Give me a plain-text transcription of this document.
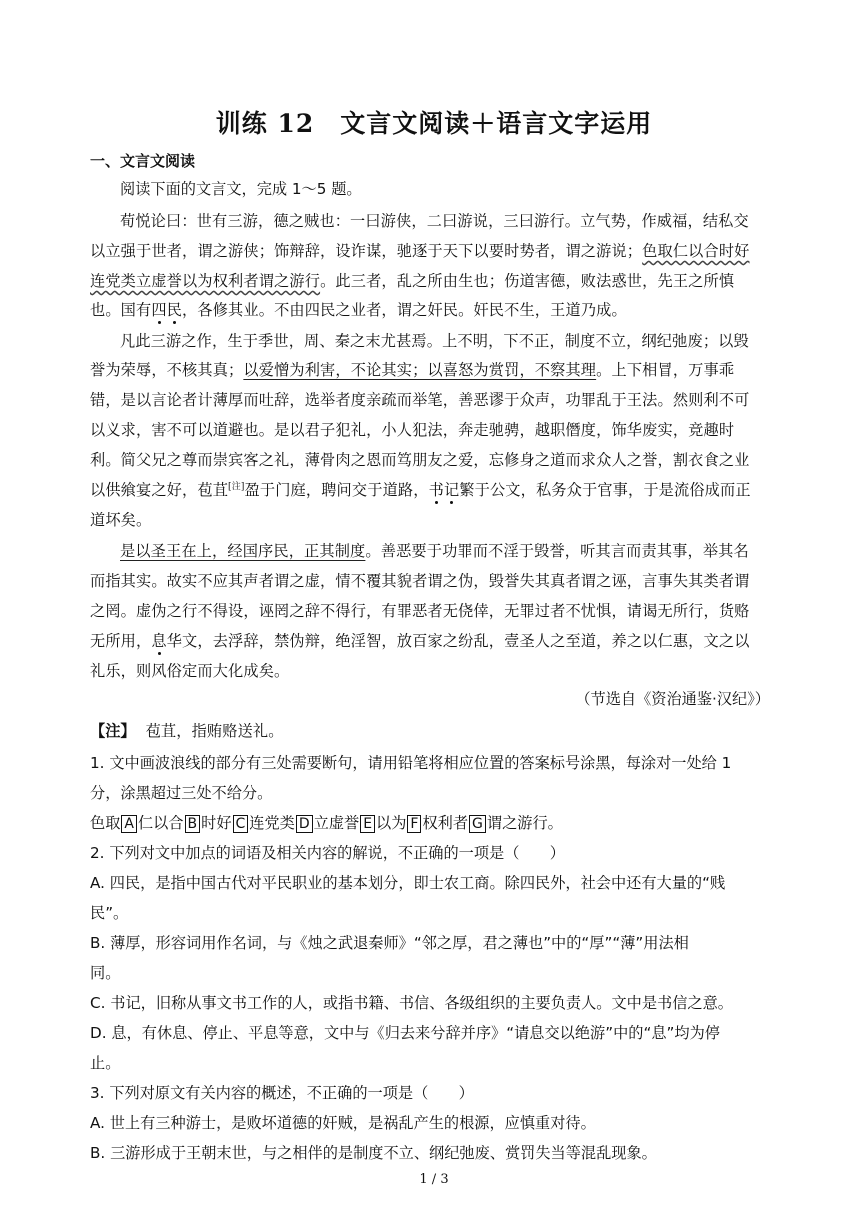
训练 12　文言文阅读＋语言文字运用
一、文言文阅读
阅读下面的文言文，完成 1～5 题。
荀悦论曰：世有三游，德之贼也：一曰游侠，二曰游说，三曰游行。立气势，作威福，结私交
以立强于世者，谓之游侠；饰辩辞，设诈谋，驰逐于天下以要时势者，谓之游说；色取仁以合时好
连党类立虚誉以为权利者谓之游行。此三者，乱之所由生也；伤道害德，败法惑世，先王之所慎
也。国有四民，各修其业。不由四民之业者，谓之奸民。奸民不生，王道乃成。
凡此三游之作，生于季世，周、秦之末尤甚焉。上不明，下不正，制度不立，纲纪弛废；以毁
誉为荣辱，不核其真；以爱憎为利害，不论其实；以喜怒为赏罚，不察其理。上下相冒，万事乖
错，是以言论者计薄厚而吐辞，选举者度亲疏而举笔，善恶谬于众声，功罪乱于王法。然则利不可
以义求，害不可以道避也。是以君子犯礼，小人犯法，奔走驰骋，越职僭度，饰华废实，竞趣时
利。简父兄之尊而崇宾客之礼，薄骨肉之恩而笃朋友之爱，忘修身之道而求众人之誉，割衣食之业
以供飨宴之好，苞苴[注]盈于门庭，聘问交于道路，书记繁于公文，私务众于官事，于是流俗成而正
道坏矣。
是以圣王在上，经国序民，正其制度。善恶要于功罪而不淫于毁誉，听其言而责其事，举其名
而指其实。故实不应其声者谓之虚，情不覆其貌者谓之伪，毁誉失其真者谓之诬，言事失其类者谓
之罔。虚伪之行不得设，诬罔之辞不得行，有罪恶者无侥倖，无罪过者不忧惧，请谒无所行，货赂
无所用，息华文，去浮辞，禁伪辩，绝淫智，放百家之纷乱，壹圣人之至道，养之以仁惠，文之以
礼乐，则风俗定而大化成矣。
（节选自《资治通鉴·汉纪》）
【注】 苞苴，指贿赂送礼。
1. 文中画波浪线的部分有三处需要断句，请用铅笔将相应位置的答案标号涂黑，每涂对一处给 1
分，涂黑超过三处不给分。
色取 A 仁以合 B 时好 C 连党类 D 立虚誉 E 以为 F 权利者 G 谓之游行。
2. 下列对文中加点的词语及相关内容的解说，不正确的一项是（　　）
A. 四民，是指中国古代对平民职业的基本划分，即士农工商。除四民外，社会中还有大量的“贱
民”。
B. 薄厚，形容词用作名词，与《烛之武退秦师》“邻之厚，君之薄也”中的“厚”“薄”用法相
同。
C. 书记，旧称从事文书工作的人，或指书籍、书信、各级组织的主要负责人。文中是书信之意。
D. 息，有休息、停止、平息等意，文中与《归去来兮辞并序》“请息交以绝游”中的“息”均为停
止。
3. 下列对原文有关内容的概述，不正确的一项是（　　）
A. 世上有三种游士，是败坏道德的奸贼，是祸乱产生的根源，应慎重对待。
B. 三游形成于王朝末世，与之相伴的是制度不立、纲纪弛废、赏罚失当等混乱现象。
1 / 3
